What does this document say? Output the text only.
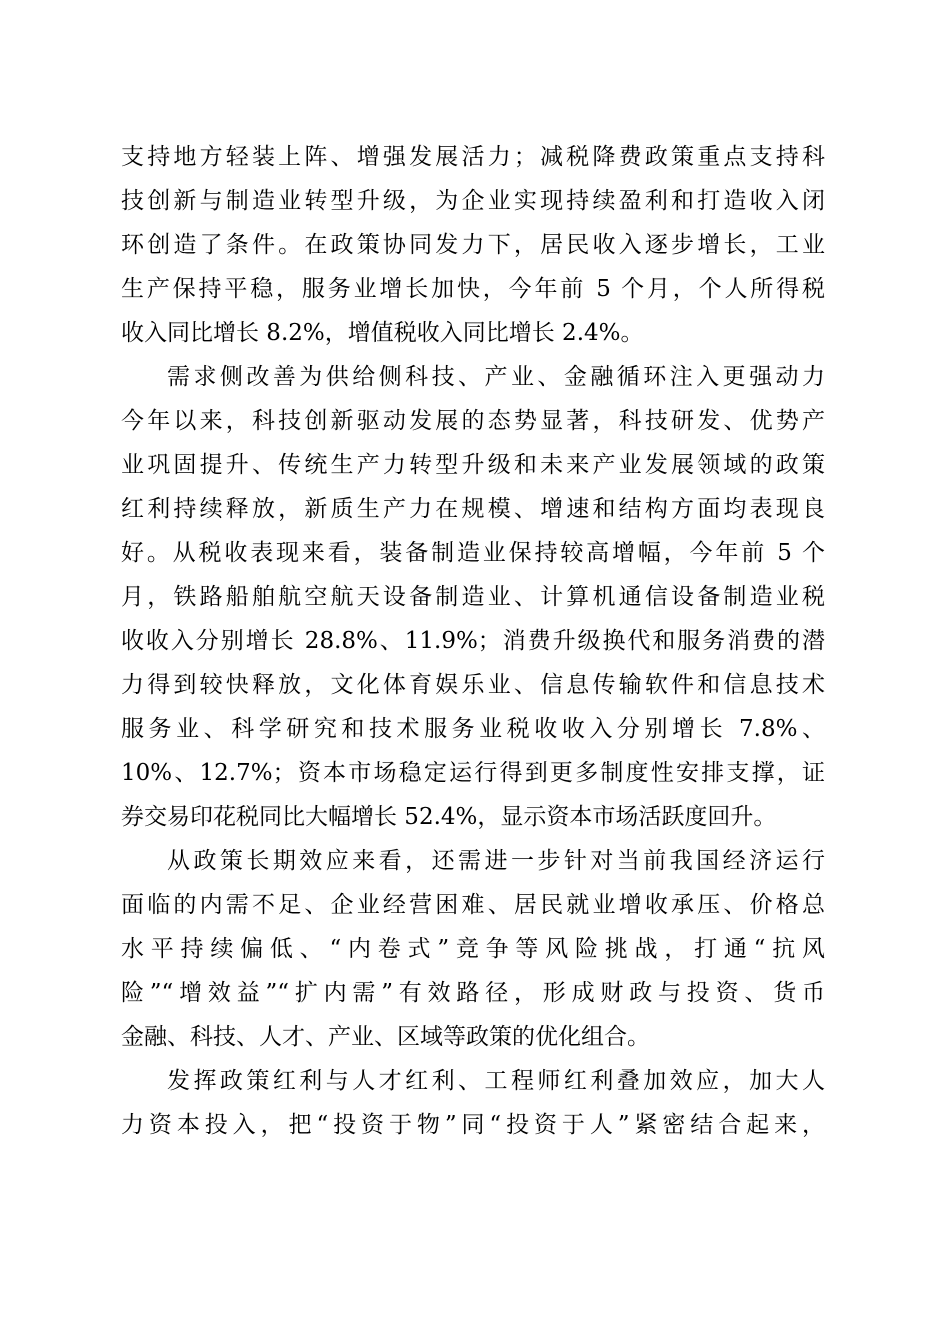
支持地方轻装上阵、增强发展活力；减税降费政策重点支持科
技创新与制造业转型升级，为企业实现持续盈利和打造收入闭
环创造了条件。在政策协同发力下，居民收入逐步增长，工业
生产保持平稳，服务业增长加快，今年前 5 个月，个人所得税
收入同比增长 8.2%，增值税收入同比增长 2.4%。
需求侧改善为供给侧科技、产业、金融循环注入更强动力
今年以来，科技创新驱动发展的态势显著，科技研发、优势产
业巩固提升、传统生产力转型升级和未来产业发展领域的政策
红利持续释放，新质生产力在规模、增速和结构方面均表现良
好。从税收表现来看，装备制造业保持较高增幅，今年前 5 个
月，铁路船舶航空航天设备制造业、计算机通信设备制造业税
收收入分别增长 28.8%、11.9%；消费升级换代和服务消费的潜
力得到较快释放，文化体育娱乐业、信息传输软件和信息技术
服务业、科学研究和技术服务业税收收入分别增长 7.8%、
10%、12.7%；资本市场稳定运行得到更多制度性安排支撑，证
券交易印花税同比大幅增长 52.4%，显示资本市场活跃度回升。
从政策长期效应来看，还需进一步针对当前我国经济运行
面临的内需不足、企业经营困难、居民就业增收承压、价格总
水平持续偏低、“内卷式”竞争等风险挑战，打通“抗风
险”“增效益”“扩内需”有效路径，形成财政与投资、货币
金融、科技、人才、产业、区域等政策的优化组合。
发挥政策红利与人才红利、工程师红利叠加效应，加大人
力资本投入，把“投资于物”同“投资于人”紧密结合起来，
